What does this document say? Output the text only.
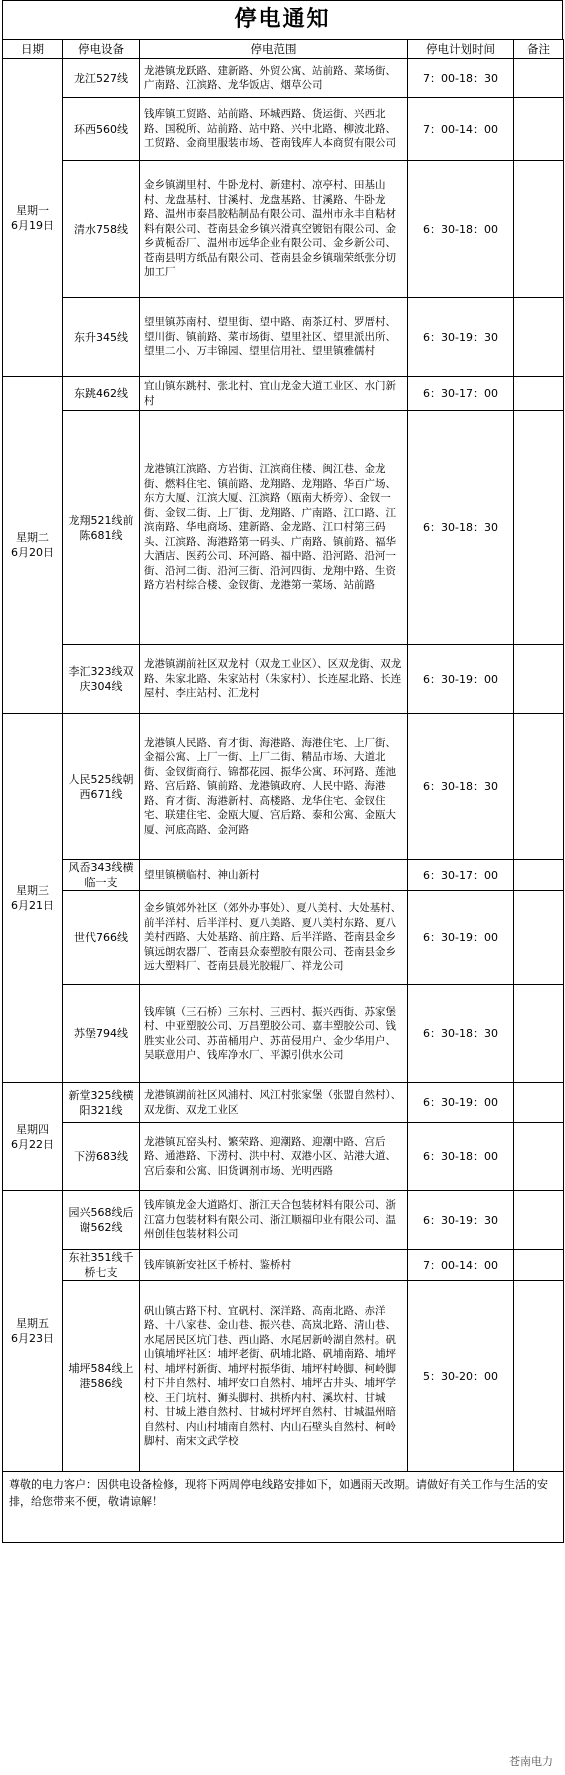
停电通知
日期	停电设备	停电范围	停电计划时间	备注
星期一
6月19日	龙江527线	龙港镇龙跃路、建新路、外贸公寓、站前路、菜场街、广南路、江滨路、龙华饭店、烟草公司	7：00-18：30	
	环西560线	钱库镇工贸路、站前路、环城西路、货运街、兴西北路、国税所、站前路、站中路、兴中北路、柳波北路、工贸路、金商里服装市场、苍南钱库人本商贸有限公司	7：00-14：00	
	清水758线	金乡镇湖里村、牛卧龙村、新建村、凉亭村、田基山村、龙盘基村、甘溪村、龙盘基路、甘溪路、牛卧龙路、温州市泰昌胶粘制品有限公司、温州市永丰自粘材料有限公司、苍南县金乡镇兴滑真空镀铝有限公司、金乡黄栀岙厂、温州市远华企业有限公司、金乡新公司、苍南县明方纸品有限公司、苍南县金乡镇瑞荣纸张分切加工厂	6：30-18：00	
	东升345线	望里镇苏南村、望里街、望中路、南茶辽村、罗厝村、望川街、镇前路、菜市场街、望里社区、望里派出所、望里二小、万丰锦园、望里信用社、望里镇雅儒村	6：30-19：30	
星期二
6月20日	东跳462线	宜山镇东跳村、张北村、宜山龙金大道工业区、水门新村	6：30-17：00	
	龙翔521线前陈681线	龙港镇江滨路、方岩街、江滨商住楼、闽江巷、金龙街、燃料住宅、镇前路、龙翔路、龙翔路、华百广场、东方大厦、江滨大厦、江滨路（瓯南大桥旁）、金钗一街、金钗二街、上厂街、龙翔路、广南路、江口路、江滨南路、华电商场、建新路、金龙路、江口村第三码头、江滨路、海港路第一码头、广南路、镇前路、福华大酒店、医药公司、环河路、福中路、沿河路、沿河一街、沿河二街、沿河三街、沿河四街、龙翔中路、生资路方岩村综合楼、金钗街、龙港第一菜场、站前路	6：30-18：30	
	李汇323线双庆304线	龙港镇湖前社区双龙村（双龙工业区）、区双龙街、双龙路、朱家北路、朱家站村（朱家村）、长连屋北路、长连屋村、李庄站村、汇龙村	6：30-19：00	
星期三
6月21日	人民525线朝西671线	龙港镇人民路、育才街、海港路、海港住宅、上厂街、金福公寓、上厂一街、上厂二街、精品市场、大道北街、金钗街商行、锦都花园、振华公寓、环河路、莲池路、宫后路、镇前路、龙港镇政府、人民中路、海港路、育才街、海港新村、高楼路、龙华住宅、金钗住宅、联建住宅、金瓯大厦、宫后路、泰和公寓、金瓯大厦、河底高路、金河路	6：30-18：30	
	风岙343线横临一支	望里镇横临村、神山新村	6：30-17：00	
	世代766线	金乡镇郊外社区（郊外办事处）、夏八美村、大处基村、前半洋村、后半洋村、夏八美路、夏八美村东路、夏八美村西路、大处基路、前庄路、后半洋路、苍南县金乡镇远朗农器厂、苍南县众泰塑胶有限公司、苍南县金乡远大塑料厂、苍南县晨光胶辊厂、祥龙公司	6：30-19：00	
	苏堡794线	钱库镇（三石桥）三东村、三西村、振兴西街、苏家堡村、中亚塑胶公司、万昌塑胶公司、嘉丰塑胶公司、钱胜实业公司、苏苗桶用户、苏苗侵用户、金少华用户、吴联意用户、钱库净水厂、平源引供水公司	6：30-18：30	
星期四
6月22日	新堂325线横阳321线	龙港镇湖前社区风浦村、风江村张家堡（张盟自然村）、双龙街、双龙工业区	6：30-19：00	
	下涝683线	龙港镇瓦窑头村、繁荣路、迎潮路、迎潮中路、宫后路、通港路、下涝村、洪中村、双港小区、站港大道、宫后泰和公寓、旧货调剂市场、光明西路	6：30-18：00	
星期五
6月23日	园兴568线后谢562线	钱库镇龙金大道路灯、浙江天合包装材料有限公司、浙江富力包装材料有限公司、浙江顺福印业有限公司、温州创佳包装材料公司	6：30-19：30	
	东社351线千桥七支	钱库镇新安社区千桥村、鉴桥村	7：00-14：00	
	埔坪584线上港586线	矾山镇古路下村、宜矾村、深洋路、高南北路、赤洋路、十八家巷、金山巷、振兴巷、高岚北路、清山巷、水尾居民区坑门巷、西山路、水尾居新岭湖自然村。矾山镇埔坪社区：埔坪老街、矾埔北路、矾埔南路、埔坪村、埔坪村新街、埔坪村振华街、埔坪村岭脚、柯岭脚村下井自然村、埔坪安口自然村、埔坪古井头、埔坪学校、王门坑村、狮头脚村、拱桥内村、溪坎村、甘城村、甘城上港自然村、甘城村坪坪自然村、甘城温州暗自然村、内山村埔南自然村、内山石壁头自然村、柯岭脚村、南宋文武学校	5：30-20：00	
尊敬的电力客户：因供电设备检修，现将下两周停电线路安排如下，如遇雨天改期。请做好有关工作与生活的安排，给您带来不便，敬请谅解！				
苍南电力
